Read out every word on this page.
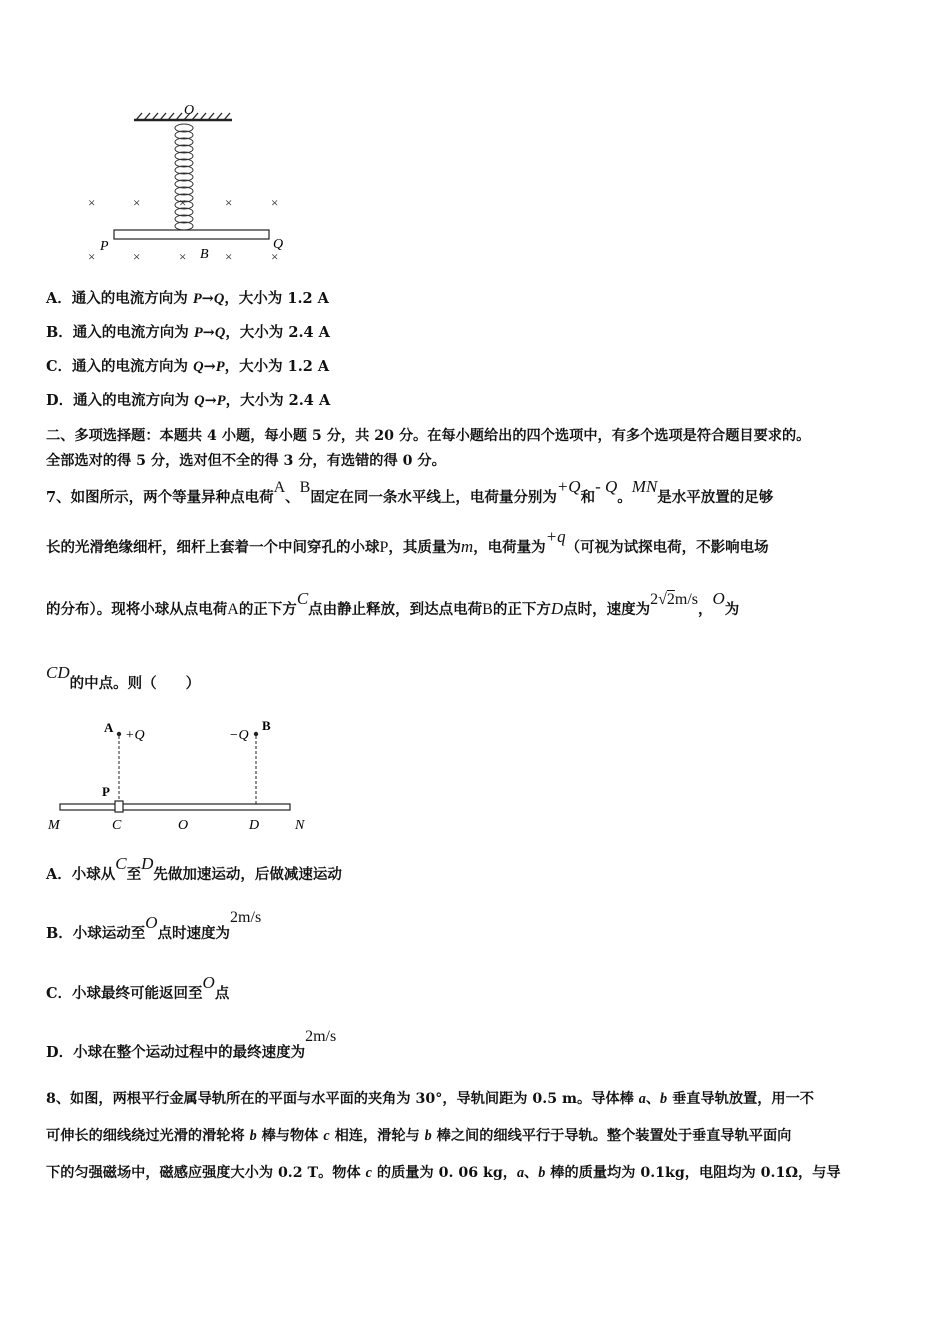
O
×	×	×	×	×
×	×	×	×	×
P	Q
B
A．通入的电流方向为 P→Q，大小为 1.2 A
B．通入的电流方向为 P→Q，大小为 2.4 A
C．通入的电流方向为 Q→P，大小为 1.2 A
D．通入的电流方向为 Q→P，大小为 2.4 A
二、多项选择题：本题共 4 小题，每小题 5 分，共 20 分。在每小题给出的四个选项中，有多个选项是符合题目要求的。
全部选对的得 5 分，选对但不全的得 3 分，有选错的得 0 分。
7、如图所示，两个等量异种点电荷A、B固定在同一条水平线上，电荷量分别为+Q和- Q。MN是水平放置的足够
长的光滑绝缘细杆，细杆上套着一个中间穿孔的小球P，其质量为m，电荷量为+q（可视为试探电荷，不影响电场
的分布）。现将小球从点电荷A的正下方C点由静止释放，到达点电荷B的正下方D点时，速度为2√2m/s，O为
CD的中点。则（　　）
A
+Q	−Q
B
P
M	C	O	D	N
A．小球从C至D先做加速运动，后做减速运动
B．小球运动至O点时速度为2m/s
C．小球最终可能返回至O点
D．小球在整个运动过程中的最终速度为2m/s
8、如图，两根平行金属导轨所在的平面与水平面的夹角为 30°，导轨间距为 0.5 m。导体棒 a、b 垂直导轨放置，用一不
可伸长的细线绕过光滑的滑轮将 b 棒与物体 c 相连，滑轮与 b 棒之间的细线平行于导轨。整个装置处于垂直导轨平面向
下的匀强磁场中，磁感应强度大小为 0.2 T。物体 c 的质量为 0. 06 kg，a、b 棒的质量均为 0.1kg，电阻均为 0.1Ω，与导
